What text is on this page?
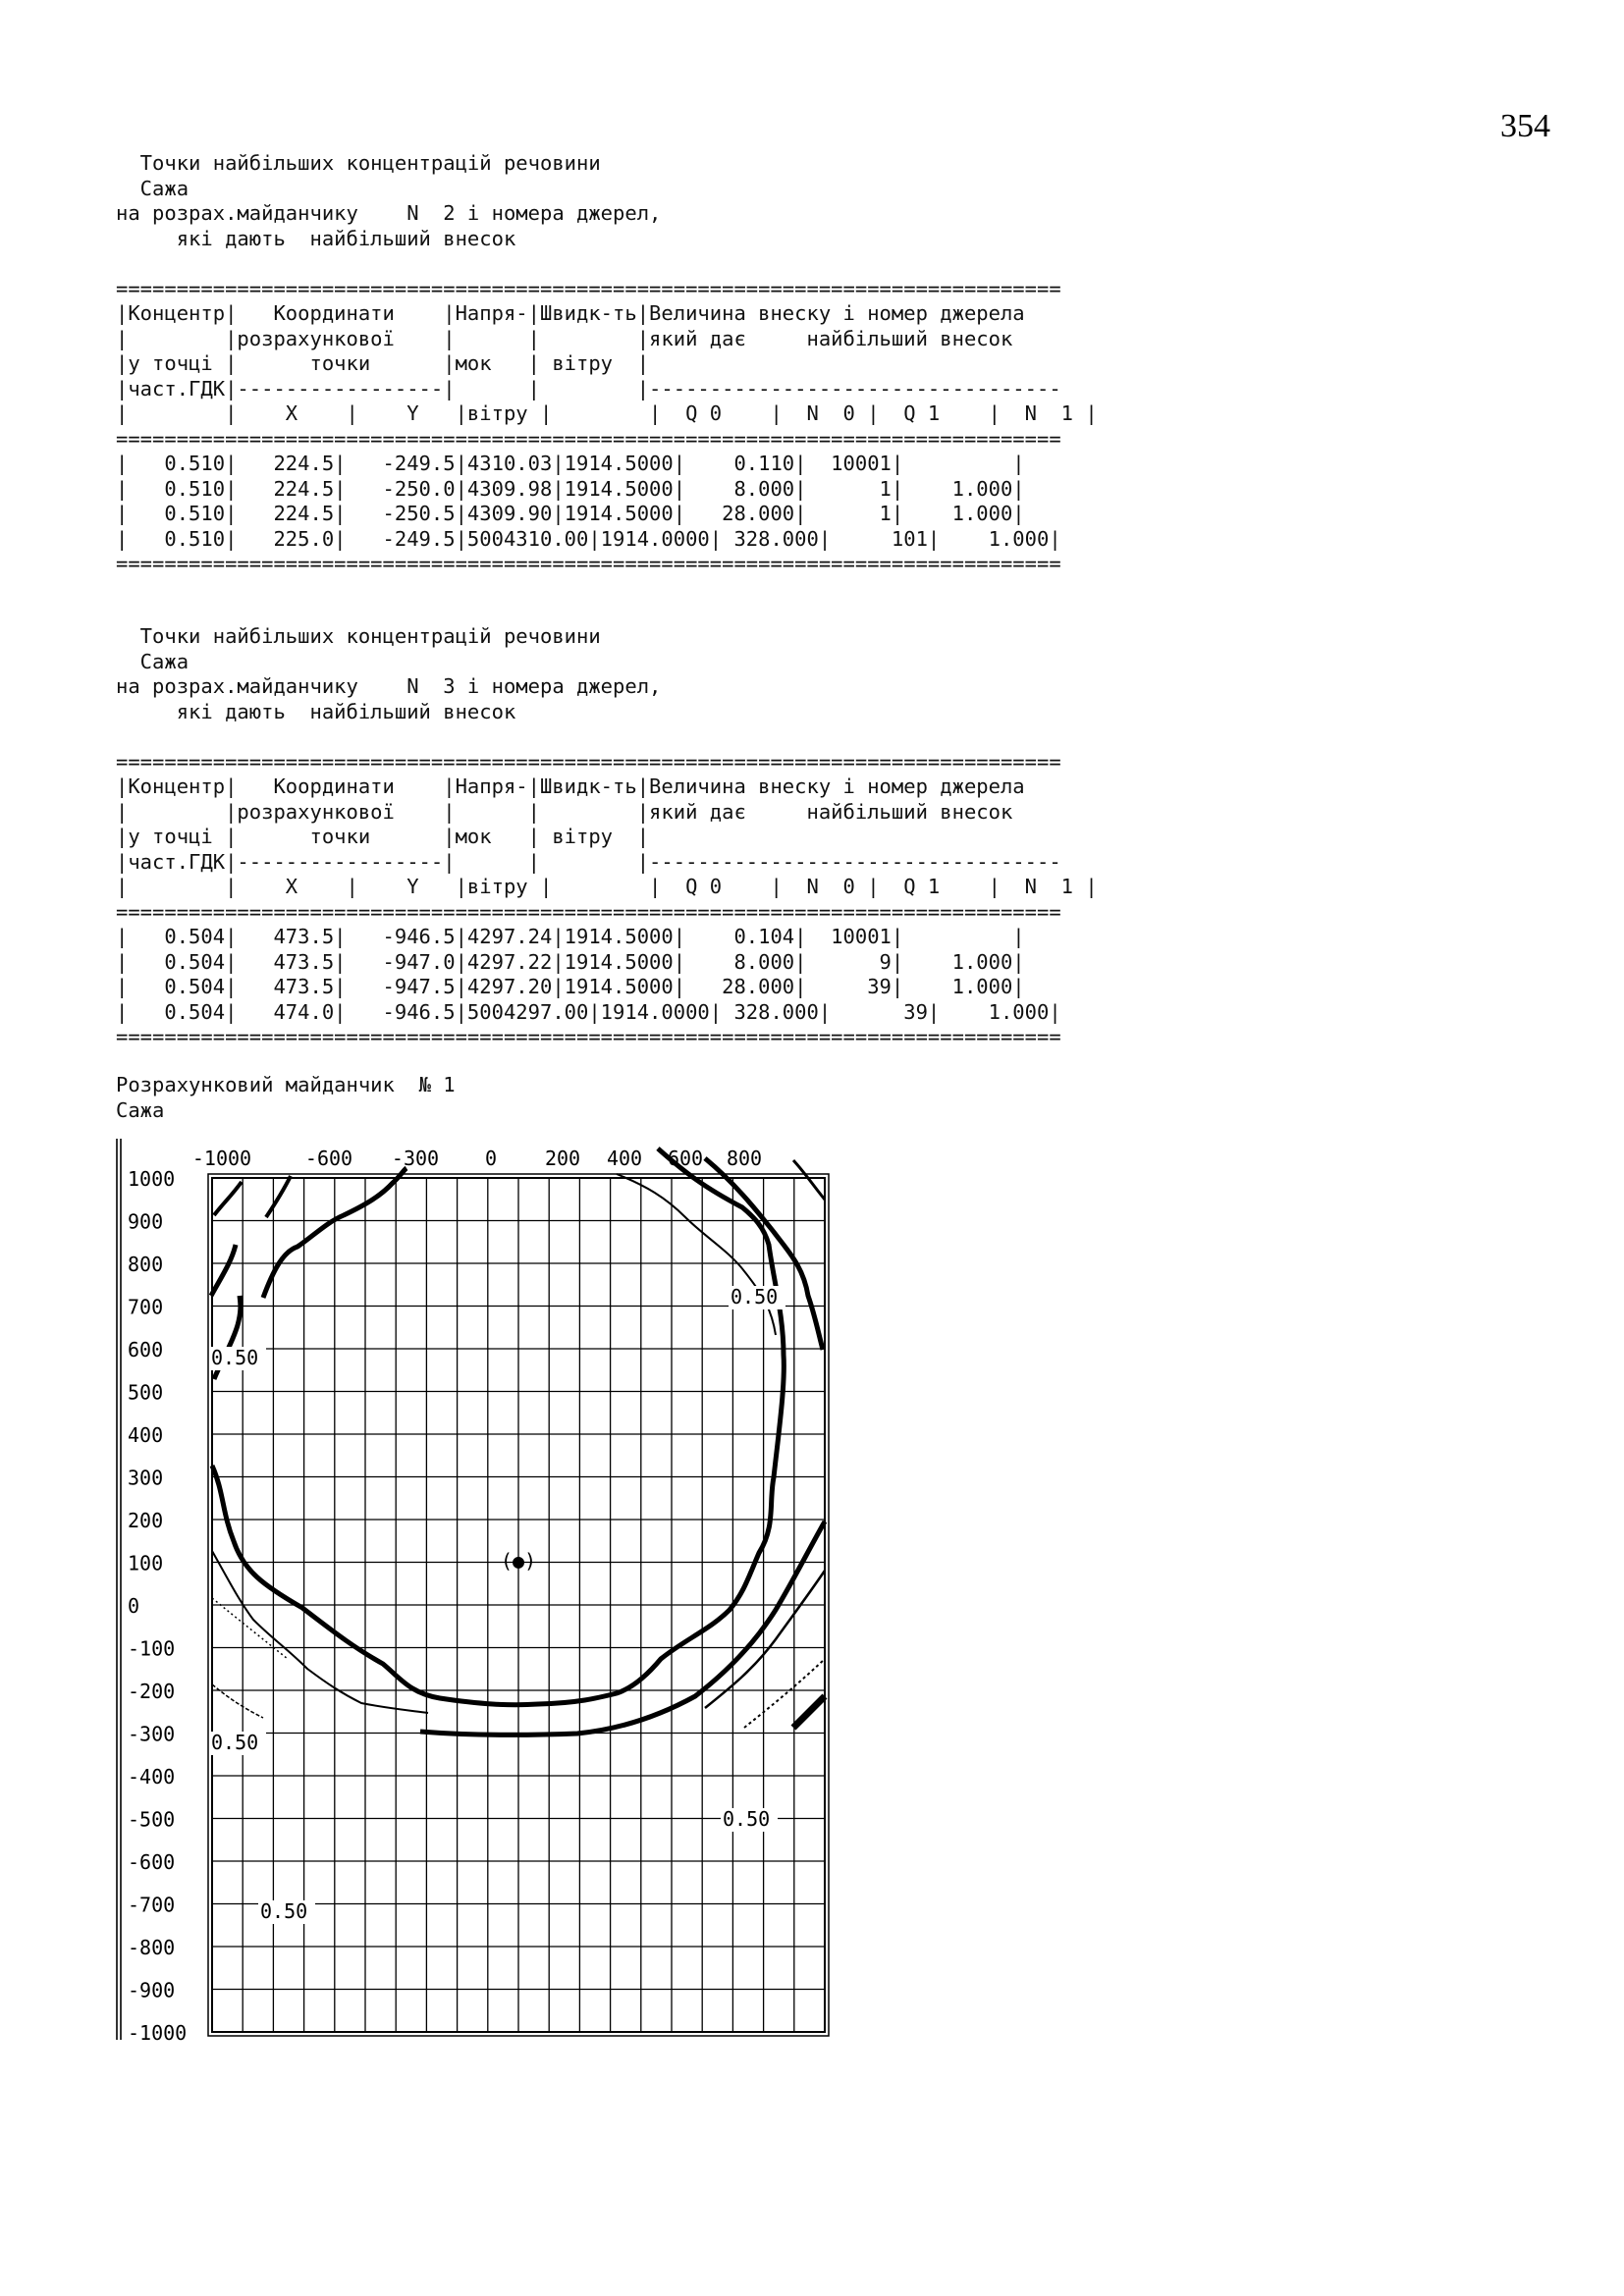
354
Точки найбільших концентрацій речовини
Сажа
на розрах.майданчику    N  2 і номера джерел,
які дають  найбільший внесок

==============================================================================
|Концентр|   Координати    |Напря-|Швидк-ть|Величина внеску і номер джерела
|        |розрахункової    |      |        |який дає     найбільший внесок
|у точці |      точки      |мок   | вітру  |
|част.ГДК|-----------------|      |        |----------------------------------
|        |    X    |    Y   |вітру |        |  Q 0    |  N  0 |  Q 1    |  N  1 |
==============================================================================
|   0.510|   224.5|   -249.5|4310.03|1914.5000|    0.110|  10001|         |
|   0.510|   224.5|   -250.0|4309.98|1914.5000|    8.000|      1|    1.000|
|   0.510|   224.5|   -250.5|4309.90|1914.5000|   28.000|      1|    1.000|
|   0.510|   225.0|   -249.5|5004310.00|1914.0000| 328.000|     101|    1.000|
==============================================================================
Точки найбільших концентрацій речовини
Сажа
на розрах.майданчику    N  3 і номера джерел,
які дають  найбільший внесок

==============================================================================
|Концентр|   Координати    |Напря-|Швидк-ть|Величина внеску і номер джерела
|        |розрахункової    |      |        |який дає     найбільший внесок
|у точці |      точки      |мок   | вітру  |
|част.ГДК|-----------------|      |        |----------------------------------
|        |    X    |    Y   |вітру |        |  Q 0    |  N  0 |  Q 1    |  N  1 |
==============================================================================
|   0.504|   473.5|   -946.5|4297.24|1914.5000|    0.104|  10001|         |
|   0.504|   473.5|   -947.0|4297.22|1914.5000|    8.000|      9|    1.000|
|   0.504|   473.5|   -947.5|4297.20|1914.5000|   28.000|     39|    1.000|
|   0.504|   474.0|   -946.5|5004297.00|1914.0000| 328.000|      39|    1.000|
==============================================================================
Розрахунковий майданчик  № 1
Сажа
0.50
0.50
0.50
0.50
0.50
(●)
-1000	-600 -300 0 200 400 600 800
1000
900
800
700
600
500
400
300
200
100
0
-100
-200
-300
-400
-500
-600
-700
-800
-900
-1000
